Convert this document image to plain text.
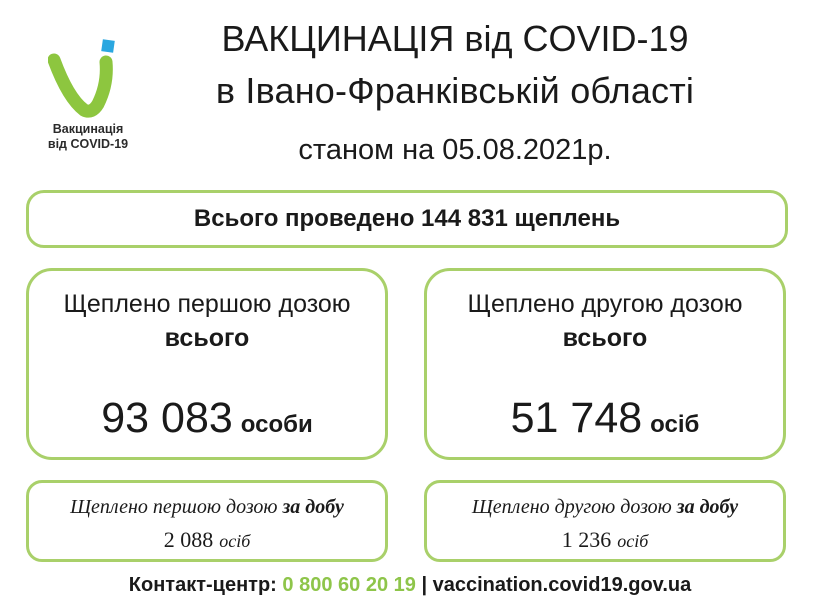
Вакцинація
від COVID-19
ВАКЦИНАЦІЯ від COVID-19
в Івано-Франківській області
станом на 05.08.2021р.
Всього проведено 144 831 щеплень
Щеплено першою дозою
всього
93 083 особи
Щеплено другою дозою
всього
51 748 осіб
Щеплено першою дозою за добу
2 088 осіб
Щеплено другою дозою за добу
1 236 осіб
Контакт-центр: 0 800 60 20 19 | vaccination.covid19.gov.ua
